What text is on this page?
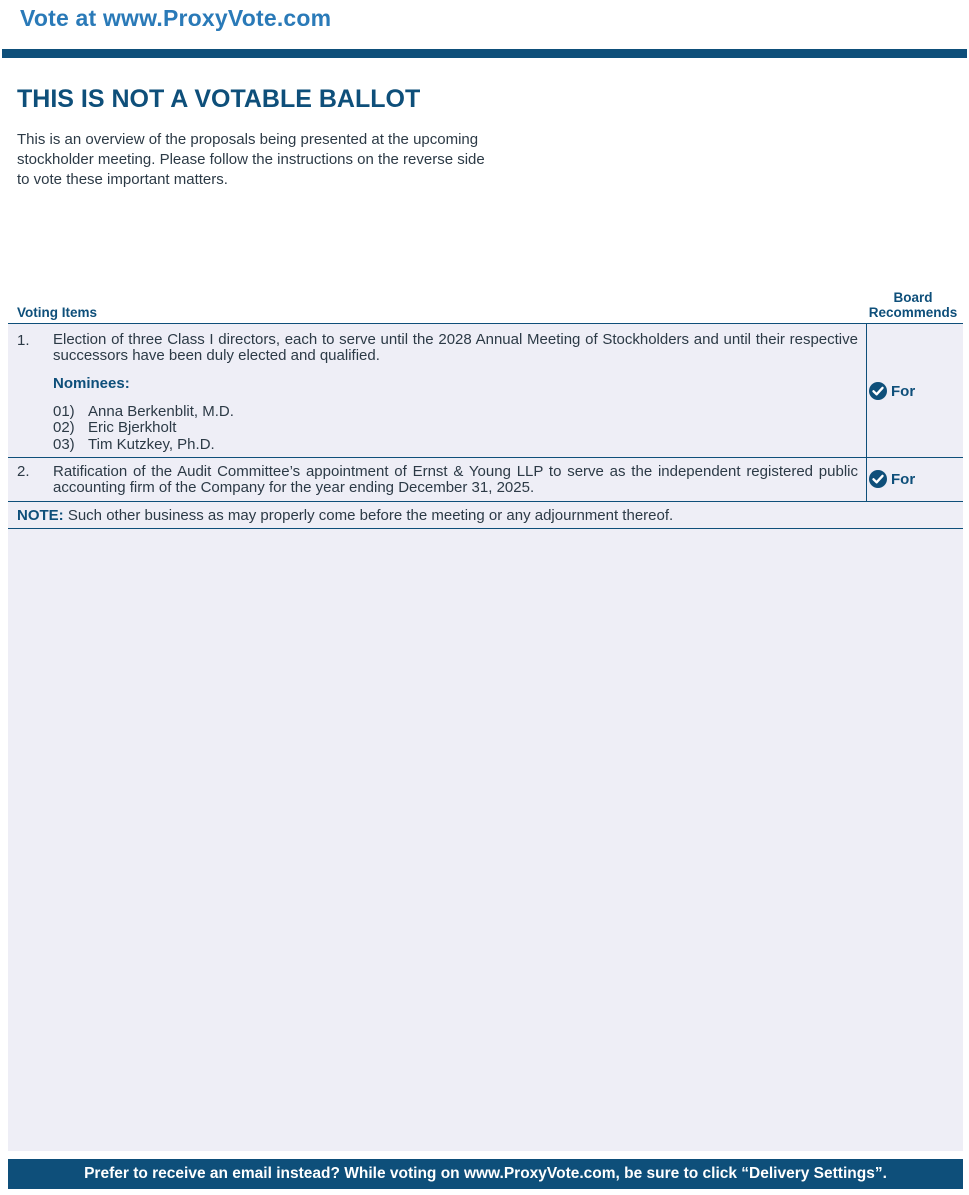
Vote at www.ProxyVote.com
THIS IS NOT A VOTABLE BALLOT
This is an overview of the proposals being presented at the upcoming stockholder meeting. Please follow the instructions on the reverse side to vote these important matters.
Voting Items
Board
Recommends
1. Election of three Class I directors, each to serve until the 2028 Annual Meeting of Stockholders and until their respective successors have been duly elected and qualified.
Nominees:
01) Anna Berkenblit, M.D.
02) Eric Bjerkholt
03) Tim Kutzkey, Ph.D.
For
2. Ratification of the Audit Committee’s appointment of Ernst & Young LLP to serve as the independent registered public accounting firm of the Company for the year ending December 31, 2025.	For
NOTE: Such other business as may properly come before the meeting or any adjournment thereof.
Prefer to receive an email instead? While voting on www.ProxyVote.com, be sure to click “Delivery Settings”.
